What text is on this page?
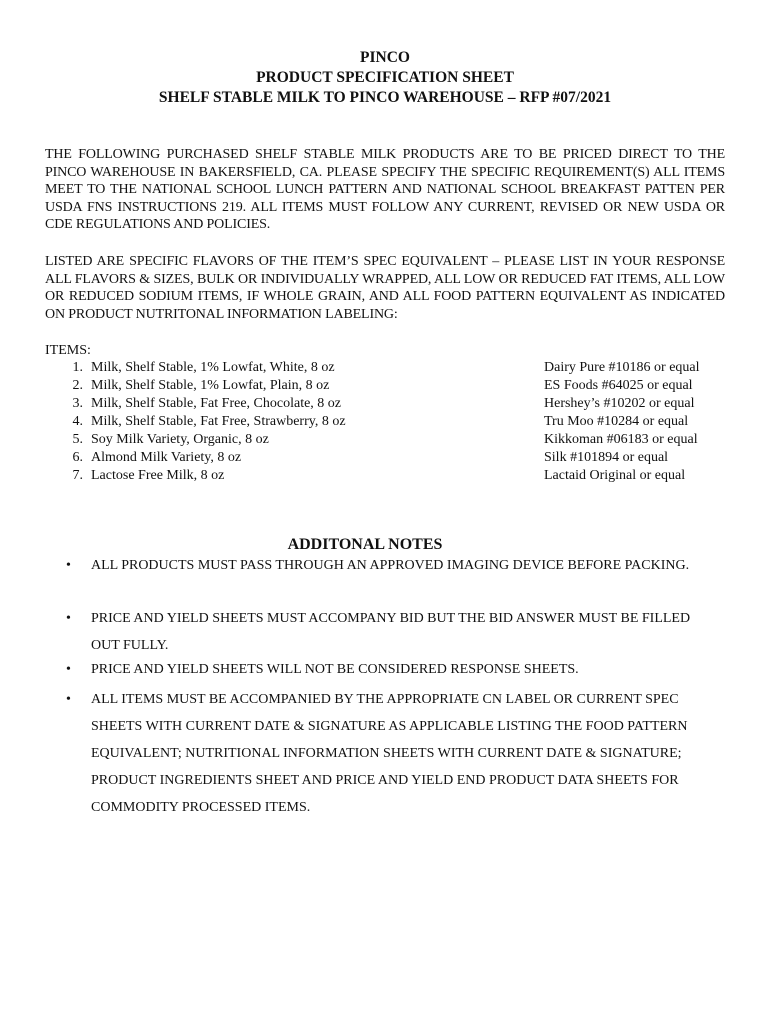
PINCO
PRODUCT SPECIFICATION SHEET
SHELF STABLE MILK TO PINCO WAREHOUSE – RFP #07/2021
THE FOLLOWING PURCHASED SHELF STABLE MILK PRODUCTS ARE TO BE PRICED DIRECT TO THE PINCO WAREHOUSE IN BAKERSFIELD, CA. PLEASE SPECIFY THE SPECIFIC REQUIREMENT(S) ALL ITEMS MEET TO THE NATIONAL SCHOOL LUNCH PATTERN AND NATIONAL SCHOOL BREAKFAST PATTEN PER USDA FNS INSTRUCTIONS 219. ALL ITEMS MUST FOLLOW ANY CURRENT, REVISED OR NEW USDA OR CDE REGULATIONS AND POLICIES.
LISTED ARE SPECIFIC FLAVORS OF THE ITEM’S SPEC EQUIVALENT – PLEASE LIST IN YOUR RESPONSE ALL FLAVORS & SIZES, BULK OR INDIVIDUALLY WRAPPED, ALL LOW OR REDUCED FAT ITEMS, ALL LOW OR REDUCED SODIUM ITEMS, IF WHOLE GRAIN, AND ALL FOOD PATTERN EQUIVALENT AS INDICATED ON PRODUCT NUTRITONAL INFORMATION LABELING:
ITEMS:
1. Milk, Shelf Stable, 1% Lowfat, White, 8 oz	Dairy Pure #10186 or equal
2. Milk, Shelf Stable, 1% Lowfat, Plain, 8 oz	ES Foods #64025 or equal
3. Milk, Shelf Stable, Fat Free, Chocolate, 8 oz	Hershey’s #10202 or equal
4. Milk, Shelf Stable, Fat Free, Strawberry, 8 oz	Tru Moo #10284 or equal
5. Soy Milk Variety, Organic, 8 oz	Kikkoman #06183 or equal
6. Almond Milk Variety, 8 oz	Silk #101894 or equal
7. Lactose Free Milk, 8 oz	Lactaid Original or equal
ADDITONAL NOTES
• ALL PRODUCTS MUST PASS THROUGH AN APPROVED IMAGING DEVICE BEFORE PACKING.
• PRICE AND YIELD SHEETS MUST ACCOMPANY BID BUT THE BID ANSWER MUST BE FILLED OUT FULLY.
• PRICE AND YIELD SHEETS WILL NOT BE CONSIDERED RESPONSE SHEETS.
• ALL ITEMS MUST BE ACCOMPANIED BY THE APPROPRIATE CN LABEL OR CURRENT SPEC SHEETS WITH CURRENT DATE & SIGNATURE AS APPLICABLE LISTING THE FOOD PATTERN EQUIVALENT; NUTRITIONAL INFORMATION SHEETS WITH CURRENT DATE & SIGNATURE; PRODUCT INGREDIENTS SHEET AND PRICE AND YIELD END PRODUCT DATA SHEETS FOR COMMODITY PROCESSED ITEMS.
